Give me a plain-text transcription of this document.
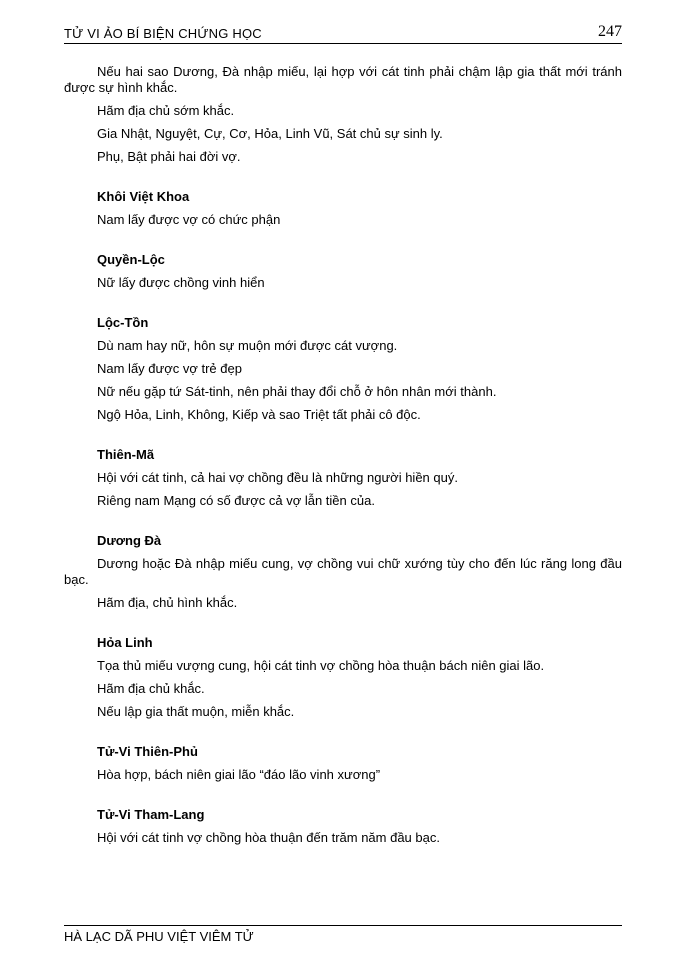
TỬ VI ẢO BÍ BIỆN CHỨNG HỌC	247

Nếu hai sao Dương, Đà nhập miếu, lại hợp với cát tinh phải chậm lập gia thất mới tránh được sự hình khắc.

Hãm địa chủ sớm khắc.

Gia Nhật, Nguyệt, Cự, Cơ, Hỏa, Linh Vũ, Sát chủ sự sinh ly.

Phụ, Bật phải hai đời vợ.

Khôi Việt Khoa

Nam lấy được vợ có chức phận

Quyền-Lộc

Nữ lấy được chồng vinh hiển

Lộc-Tồn

Dù nam hay nữ, hôn sự muộn mới được cát vượng.

Nam lấy được vợ trẻ đẹp

Nữ nếu gặp tứ Sát-tinh, nên phải thay đổi chỗ ở hôn nhân mới thành.

Ngộ Hỏa, Linh, Không, Kiếp và sao Triệt tất phải cô độc.

Thiên-Mã

Hội với cát tinh, cả hai vợ chồng đều là những người hiền quý.

Riêng nam Mạng có số được cả vợ lẫn tiền của.

Dương Đà

Dương hoặc Đà nhập miếu cung, vợ chồng vui chữ xướng tùy cho đến lúc răng long đầu bạc.

Hãm địa, chủ hình khắc.

Hỏa Linh

Tọa thủ miếu vượng cung, hội cát tinh vợ chồng hòa thuận bách niên giai lão.

Hãm địa chủ khắc.

Nếu lập gia thất muộn, miễn khắc.

Tử-Vi Thiên-Phủ

Hòa hợp, bách niên giai lão “đáo lão vinh xương”

Tử-Vi Tham-Lang

Hội với cát tinh vợ chồng hòa thuận đến trăm năm đầu bạc.

HÀ LẠC DÃ PHU VIỆT VIÊM TỬ
